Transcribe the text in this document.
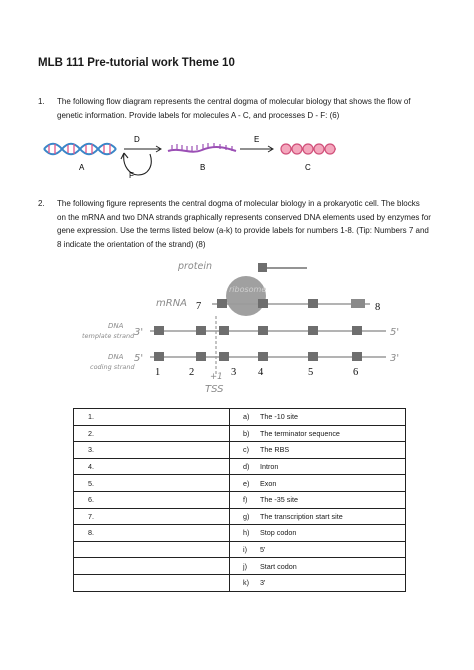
MLB 111 Pre-tutorial work Theme 10
1. The following flow diagram represents the central dogma of molecular biology that shows the flow of
genetic information. Provide labels for molecules A - C, and processes D - F: (6)
A
F
D
B
E
C
2. The following figure represents the central dogma of molecular biology in a prokaryotic cell. The blocks
on the mRNA and two DNA strands graphically represents conserved DNA elements used by enzymes for
gene expression. Use the terms listed below (a-k) to provide labels for numbers 1-8. (Tip: Numbers 7 and
8 indicate the orientation of the strand) (8)
protein
ribosome
mRNA 7	8
DNA
template strand 3'	5'
DNA
coding strand
5'	3'
1	2	3 4	5	6
+1
TSS
1.	a) The -10 site
2.	b) The terminator sequence
3.	c) The RBS
4.	d) Intron
5.	e) Exon
6.	f) The -35 site
7.	g) The transcription start site
8.	h) Stop codon
	i) 5'
	j) Start codon
	k) 3'
